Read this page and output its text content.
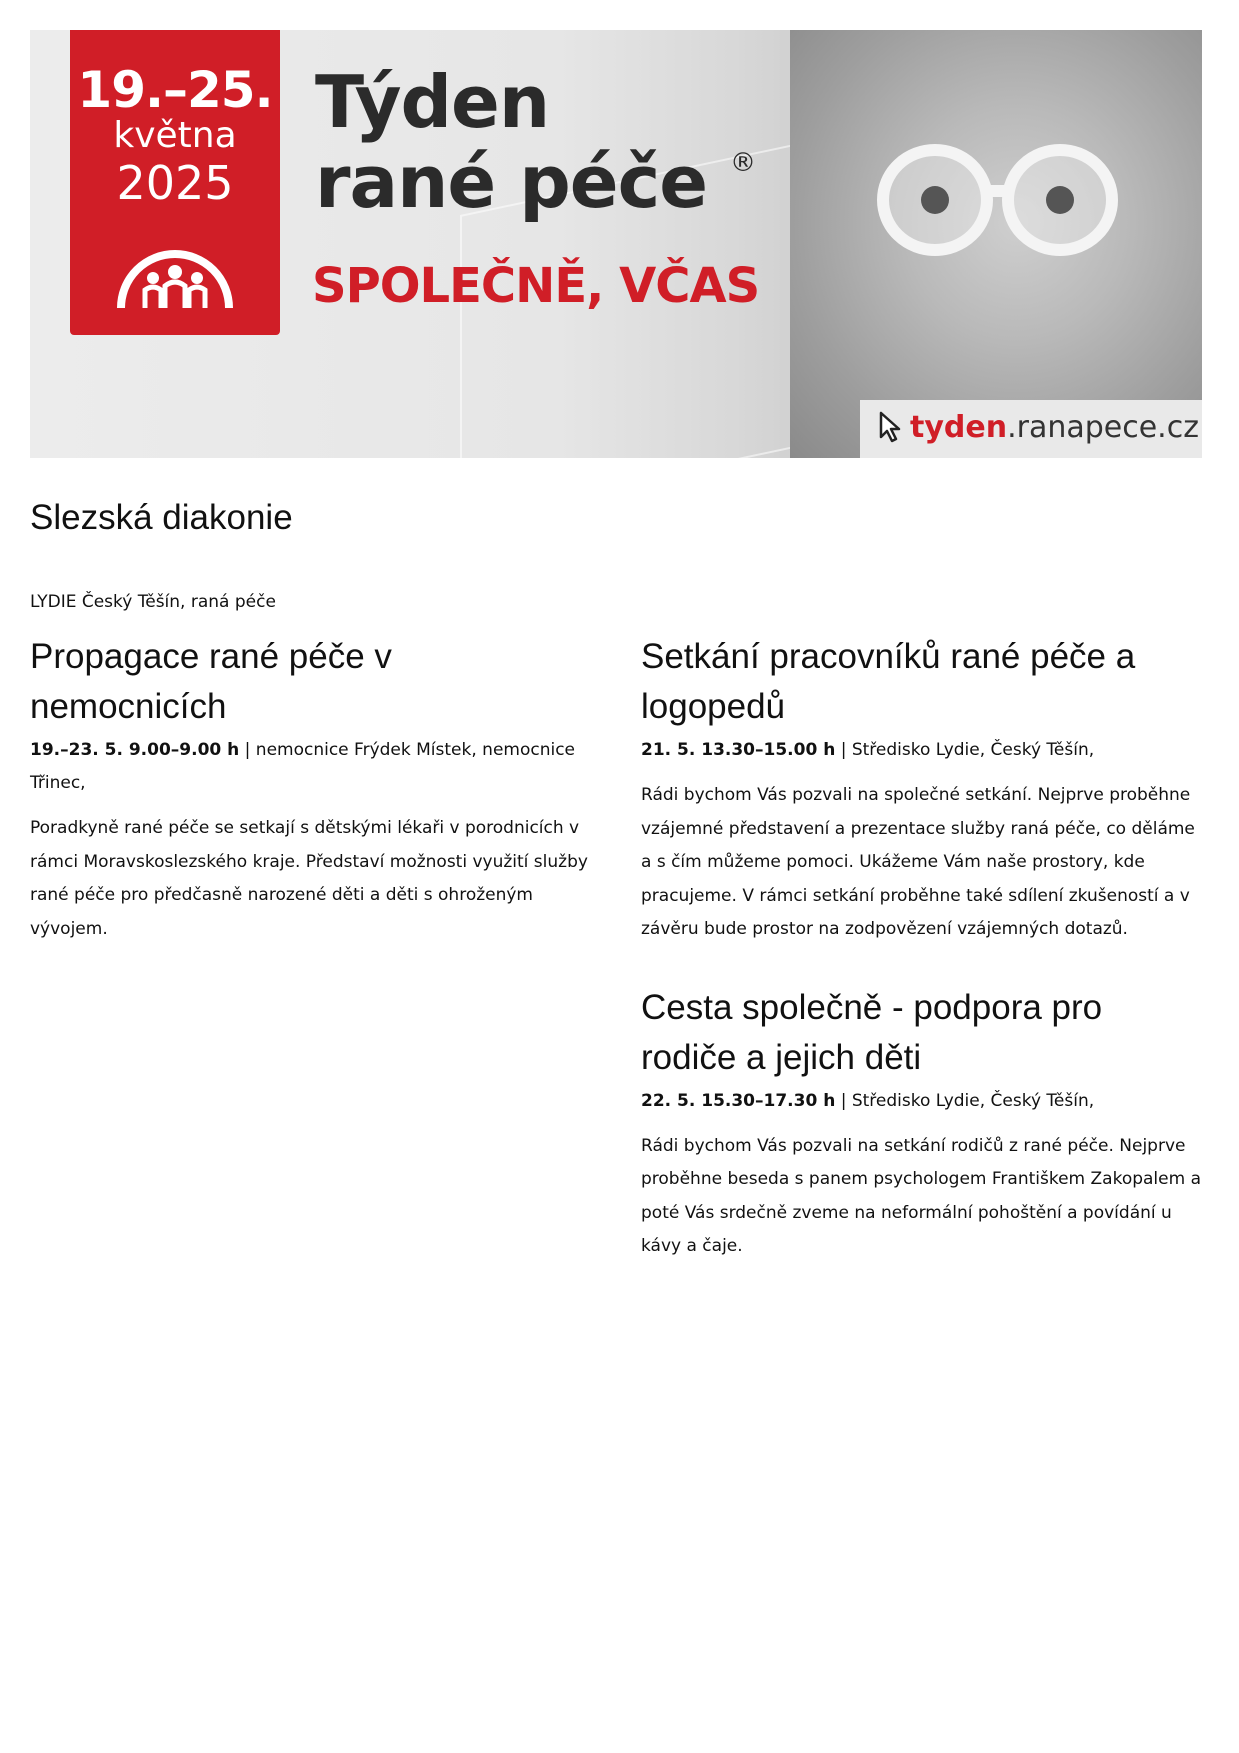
19.–25.
května
2025
Týden
rané péče ®
SPOLEČNĚ, VČAS
tyden.ranapece.cz
Slezská diakonie
LYDIE Český Těšín, raná péče
Propagace rané péče v nemocnicích
19.–23. 5. 9.00–9.00 h | nemocnice Frýdek Místek, nemocnice Třinec,
Poradkyně rané péče se setkají s dětskými lékaři v porodnicích v rámci Moravskoslezského kraje. Představí možnosti využití služby rané péče pro předčasně narozené děti a děti s ohroženým vývojem.
Setkání pracovníků rané péče a logopedů
21. 5. 13.30–15.00 h | Středisko Lydie, Český Těšín,
Rádi bychom Vás pozvali na společné setkání. Nejprve proběhne vzájemné představení a prezentace služby raná péče, co děláme a s čím můžeme pomoci. Ukážeme Vám naše prostory, kde pracujeme. V rámci setkání proběhne také sdílení zkušeností a v závěru bude prostor na zodpovězení vzájemných dotazů.
Cesta společně - podpora pro rodiče a jejich děti
22. 5. 15.30–17.30 h | Středisko Lydie, Český Těšín,
Rádi bychom Vás pozvali na setkání rodičů z rané péče. Nejprve proběhne beseda s panem psychologem Františkem Zakopalem a poté Vás srdečně zveme na neformální pohoštění a povídání u kávy a čaje.
